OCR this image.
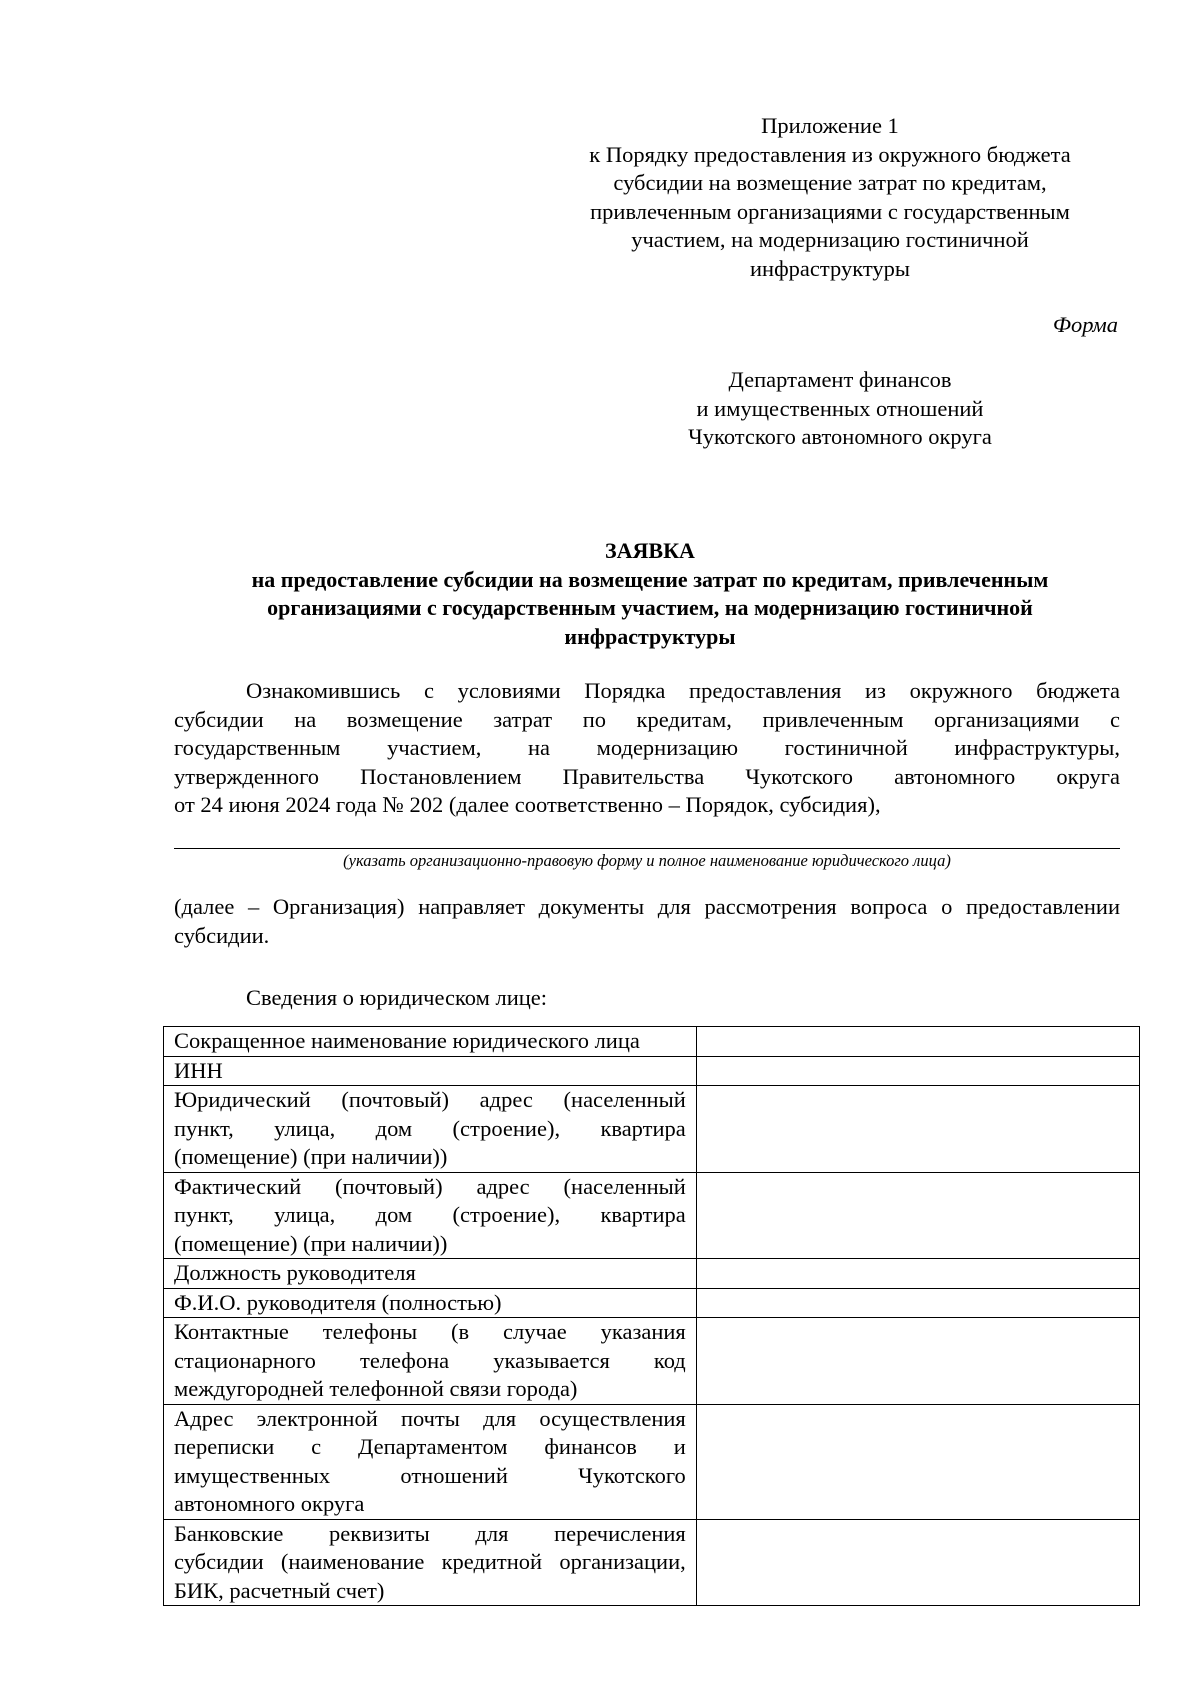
Приложение 1
к Порядку предоставления из окружного бюджета
субсидии на возмещение затрат по кредитам,
привлеченным организациями с государственным
участием, на модернизацию гостиничной
инфраструктуры
Форма
Департамент финансов
и имущественных отношений
Чукотского автономного округа
ЗАЯВКА
на предоставление субсидии на возмещение затрат по кредитам, привлеченным
организациями с государственным участием, на модернизацию гостиничной
инфраструктуры
Ознакомившись с условиями Порядка предоставления из окружного бюджета
субсидии на возмещение затрат по кредитам, привлеченным организациями с
государственным участием, на модернизацию гостиничной инфраструктуры,
утвержденного Постановлением Правительства Чукотского автономного округа
от 24 июня 2024 года № 202 (далее соответственно – Порядок, субсидия),
(указать организационно-правовую форму и полное наименование юридического лица)
(далее – Организация) направляет документы для рассмотрения вопроса о предоставлении
субсидии.
Сведения о юридическом лице:
Сокращенное наименование юридического лица	

ИНН	

Юридический (почтовый) адрес (населенный
пункт, улица, дом (строение), квартира
(помещение) (при наличии))	

Фактический (почтовый) адрес (населенный
пункт, улица, дом (строение), квартира
(помещение) (при наличии))	

Должность руководителя	

Ф.И.О. руководителя (полностью)	

Контактные телефоны (в случае указания
стационарного телефона указывается код
междугородней телефонной связи города)	

Адрес электронной почты для осуществления
переписки с Департаментом финансов и
имущественных отношений Чукотского
автономного округа	

Банковские реквизиты для перечисления
субсидии (наименование кредитной организации,
БИК, расчетный счет)	
